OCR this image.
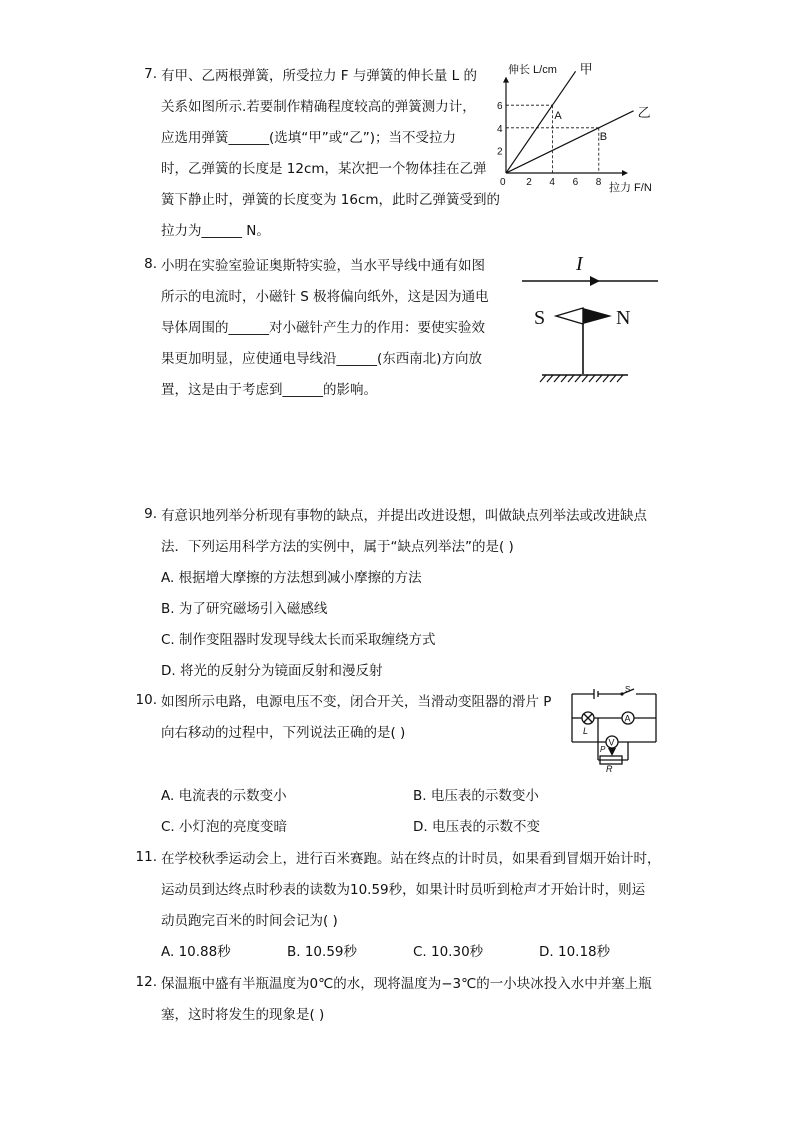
7. 有甲、乙两根弹簧，所受拉力 F 与弹簧的伸长量 L 的
关系如图所示.若要制作精确程度较高的弹簧测力计，
应选用弹簧______(选填“甲”或“乙”)；当不受拉力
时，乙弹簧的长度是 12cm，某次把一个物体挂在乙弹
簧下静止时，弹簧的长度变为 16cm，此时乙弹簧受到的
拉力为______ N。
伸长 L/cm
拉力 F/N
甲
乙
0 2 4 6 8
2
4
6
A
B
8. 小明在实验室验证奥斯特实验，当水平导线中通有如图
所示的电流时，小磁针 S 极将偏向纸外，这是因为通电
导体周围的______对小磁针产生力的作用：要使实验效
果更加明显，应使通电导线沿______(东西南北)方向放
置，这是由于考虑到______的影响。
I
S	N
9. 有意识地列举分析现有事物的缺点，并提出改进设想，叫做缺点列举法或改进缺点
法．下列运用科学方法的实例中，属于“缺点列举法”的是( )
A. 根据增大摩擦的方法想到减小摩擦的方法
B. 为了研究磁场引入磁感线
C. 制作变阻器时发现导线太长而采取缠绕方式
D. 将光的反射分为镜面反射和漫反射
10. 如图所示电路，电源电压不变，闭合开关，当滑动变阻器的滑片 P
向右移动的过程中，下列说法正确的是( )
A. 电流表的示数变小	B. 电压表的示数变小
C. 小灯泡的亮度变暗	D. 电压表的示数不变
S
A
V
L
P
R
11. 在学校秋季运动会上，进行百米赛跑。站在终点的计时员，如果看到冒烟开始计时，
运动员到达终点时秒表的读数为10.59秒，如果计时员听到枪声才开始计时，则运
动员跑完百米的时间会记为( )
A. 10.88秒	B. 10.59秒	C. 10.30秒	D. 10.18秒
12. 保温瓶中盛有半瓶温度为0℃的水，现将温度为−3℃的一小块冰投入水中并塞上瓶
塞，这时将发生的现象是( )
